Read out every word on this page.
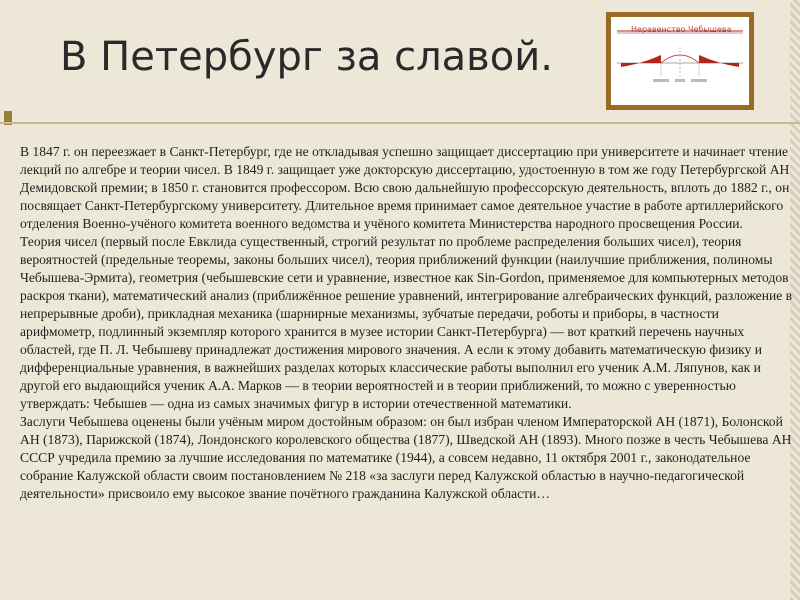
В Петербург за славой.
Неравенство Чебышева

В 1847 г. он переезжает в Санкт-Петербург, где не откладывая успешно защищает диссертацию при университете и начинает чтение лекций по алгебре и теории чисел. В 1849 г. защищает уже докторскую диссертацию, удостоенную в том же году Петербургской АН Демидовской премии; в 1850 г. становится профессором. Всю свою дальнейшую профессорскую деятельность, вплоть до 1882 г., он посвящает Санкт-Петербургскому университету. Длительное время принимает самое деятельное участие в работе артиллерийского отделения Военно-учёного комитета военного ведомства и учёного комитета Министерства народного просвещения России.

Теория чисел (первый после Евклида существенный, строгий результат по проблеме распределения больших чисел), теория вероятностей (предельные теоремы, законы больших чисел), теория приближений функции (наилучшие приближения, полиномы Чебышева-Эрмита), геометрия (чебышевские сети и уравнение, известное как Sin-Gordon, применяемое для компьютерных методов раскроя ткани), математический анализ (приближённое решение уравнений, интегрирование алгебраических функций, разложение в непрерывные дроби), прикладная механика (шарнирные механизмы, зубчатые передачи, роботы и приборы, в частности арифмометр, подлинный экземпляр которого хранится в музее истории Санкт-Петербурга) — вот краткий перечень научных областей, где П. Л. Чебышеву принадлежат достижения мирового значения. А если к этому добавить математическую физику и дифференциальные уравнения, в важнейших разделах которых классические работы выполнил его ученик А.М. Ляпунов, как и другой его выдающийся ученик А.А. Марков — в теории вероятностей и в теории приближений, то можно с уверенностью утверждать: Чебышев — одна из самых значимых фигур в истории отечественной математики.

Заслуги Чебышева оценены были учёным миром достойным образом: он был избран членом Императорской АН (1871), Болонской АН (1873), Парижской (1874), Лондонского королевского общества (1877), Шведской АН (1893). Много позже в честь Чебышева АН СССР учредила премию за лучшие исследования по математике (1944), а совсем недавно, 11 октября 2001 г., законодательное собрание Калужской области своим постановлением № 218 «за заслуги перед Калужской областью в научно-педагогической деятельности» присвоило ему высокое звание почётного гражданина Калужской области…
